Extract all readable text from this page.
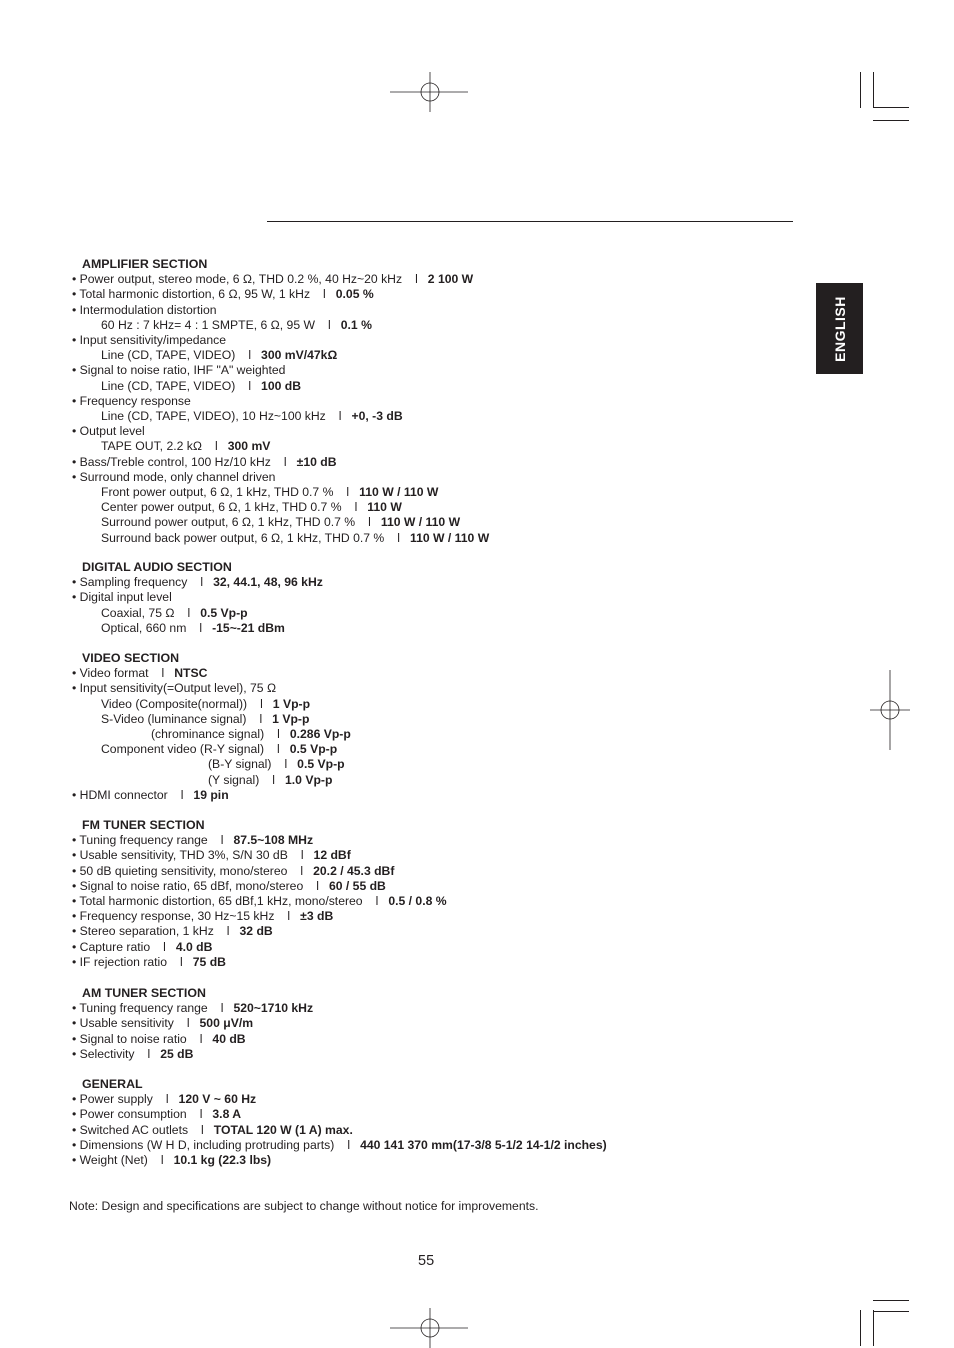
ENGLISH
AMPLIFIER SECTION
• Power output, stereo mode, 6 Ω, THD 0.2 %, 40 Hz~20 kHz l 2 100 W
• Total harmonic distortion, 6 Ω, 95 W, 1 kHz l 0.05 %
• Intermodulation distortion
60 Hz : 7 kHz= 4 : 1 SMPTE, 6 Ω, 95 W l 0.1 %
• Input sensitivity/impedance
Line (CD, TAPE, VIDEO) l 300 mV/47kΩ
• Signal to noise ratio, IHF "A" weighted
Line (CD, TAPE, VIDEO) l 100 dB
• Frequency response
Line (CD, TAPE, VIDEO), 10 Hz~100 kHz l +0, -3 dB
• Output level
TAPE OUT, 2.2 kΩ l 300 mV
• Bass/Treble control, 100 Hz/10 kHz l ±10 dB
• Surround mode, only channel driven
Front power output, 6 Ω, 1 kHz, THD 0.7 % l 110 W / 110 W
Center power output, 6 Ω, 1 kHz, THD 0.7 % l 110 W
Surround power output, 6 Ω, 1 kHz, THD 0.7 % l 110 W / 110 W
Surround back power output, 6 Ω, 1 kHz, THD 0.7 % l 110 W / 110 W
DIGITAL AUDIO SECTION
• Sampling frequency l 32, 44.1, 48, 96 kHz
• Digital input level
Coaxial, 75 Ω l 0.5 Vp-p
Optical, 660 nm l -15~-21 dBm
VIDEO SECTION
• Video format l NTSC
• Input sensitivity(=Output level), 75 Ω
Video (Composite(normal)) l 1 Vp-p
S-Video (luminance signal) l 1 Vp-p
(chrominance signal) l 0.286 Vp-p
Component video (R-Y signal) l 0.5 Vp-p
(B-Y signal) l 0.5 Vp-p
(Y signal) l 1.0 Vp-p
• HDMI connector l 19 pin
FM TUNER SECTION
• Tuning frequency range l 87.5~108 MHz
• Usable sensitivity, THD 3%, S/N 30 dB l 12 dBf
• 50 dB quieting sensitivity, mono/stereo l 20.2 / 45.3 dBf
• Signal to noise ratio, 65 dBf, mono/stereo l 60 / 55 dB
• Total harmonic distortion, 65 dBf,1 kHz, mono/stereo l 0.5 / 0.8 %
• Frequency response, 30 Hz~15 kHz l ±3 dB
• Stereo separation, 1 kHz l 32 dB
• Capture ratio l 4.0 dB
• IF rejection ratio l 75 dB
AM TUNER SECTION
• Tuning frequency range l 520~1710 kHz
• Usable sensitivity l 500 μV/m
• Signal to noise ratio l 40 dB
• Selectivity l 25 dB
GENERAL
• Power supply l 120 V ~ 60 Hz
• Power consumption l 3.8 A
• Switched AC outlets l TOTAL 120 W (1 A) max.
• Dimensions (W H D, including protruding parts) l 440 141 370 mm(17-3/8 5-1/2 14-1/2 inches)
• Weight (Net) l 10.1 kg (22.3 lbs)
Note: Design and specifications are subject to change without notice for improvements.
55
